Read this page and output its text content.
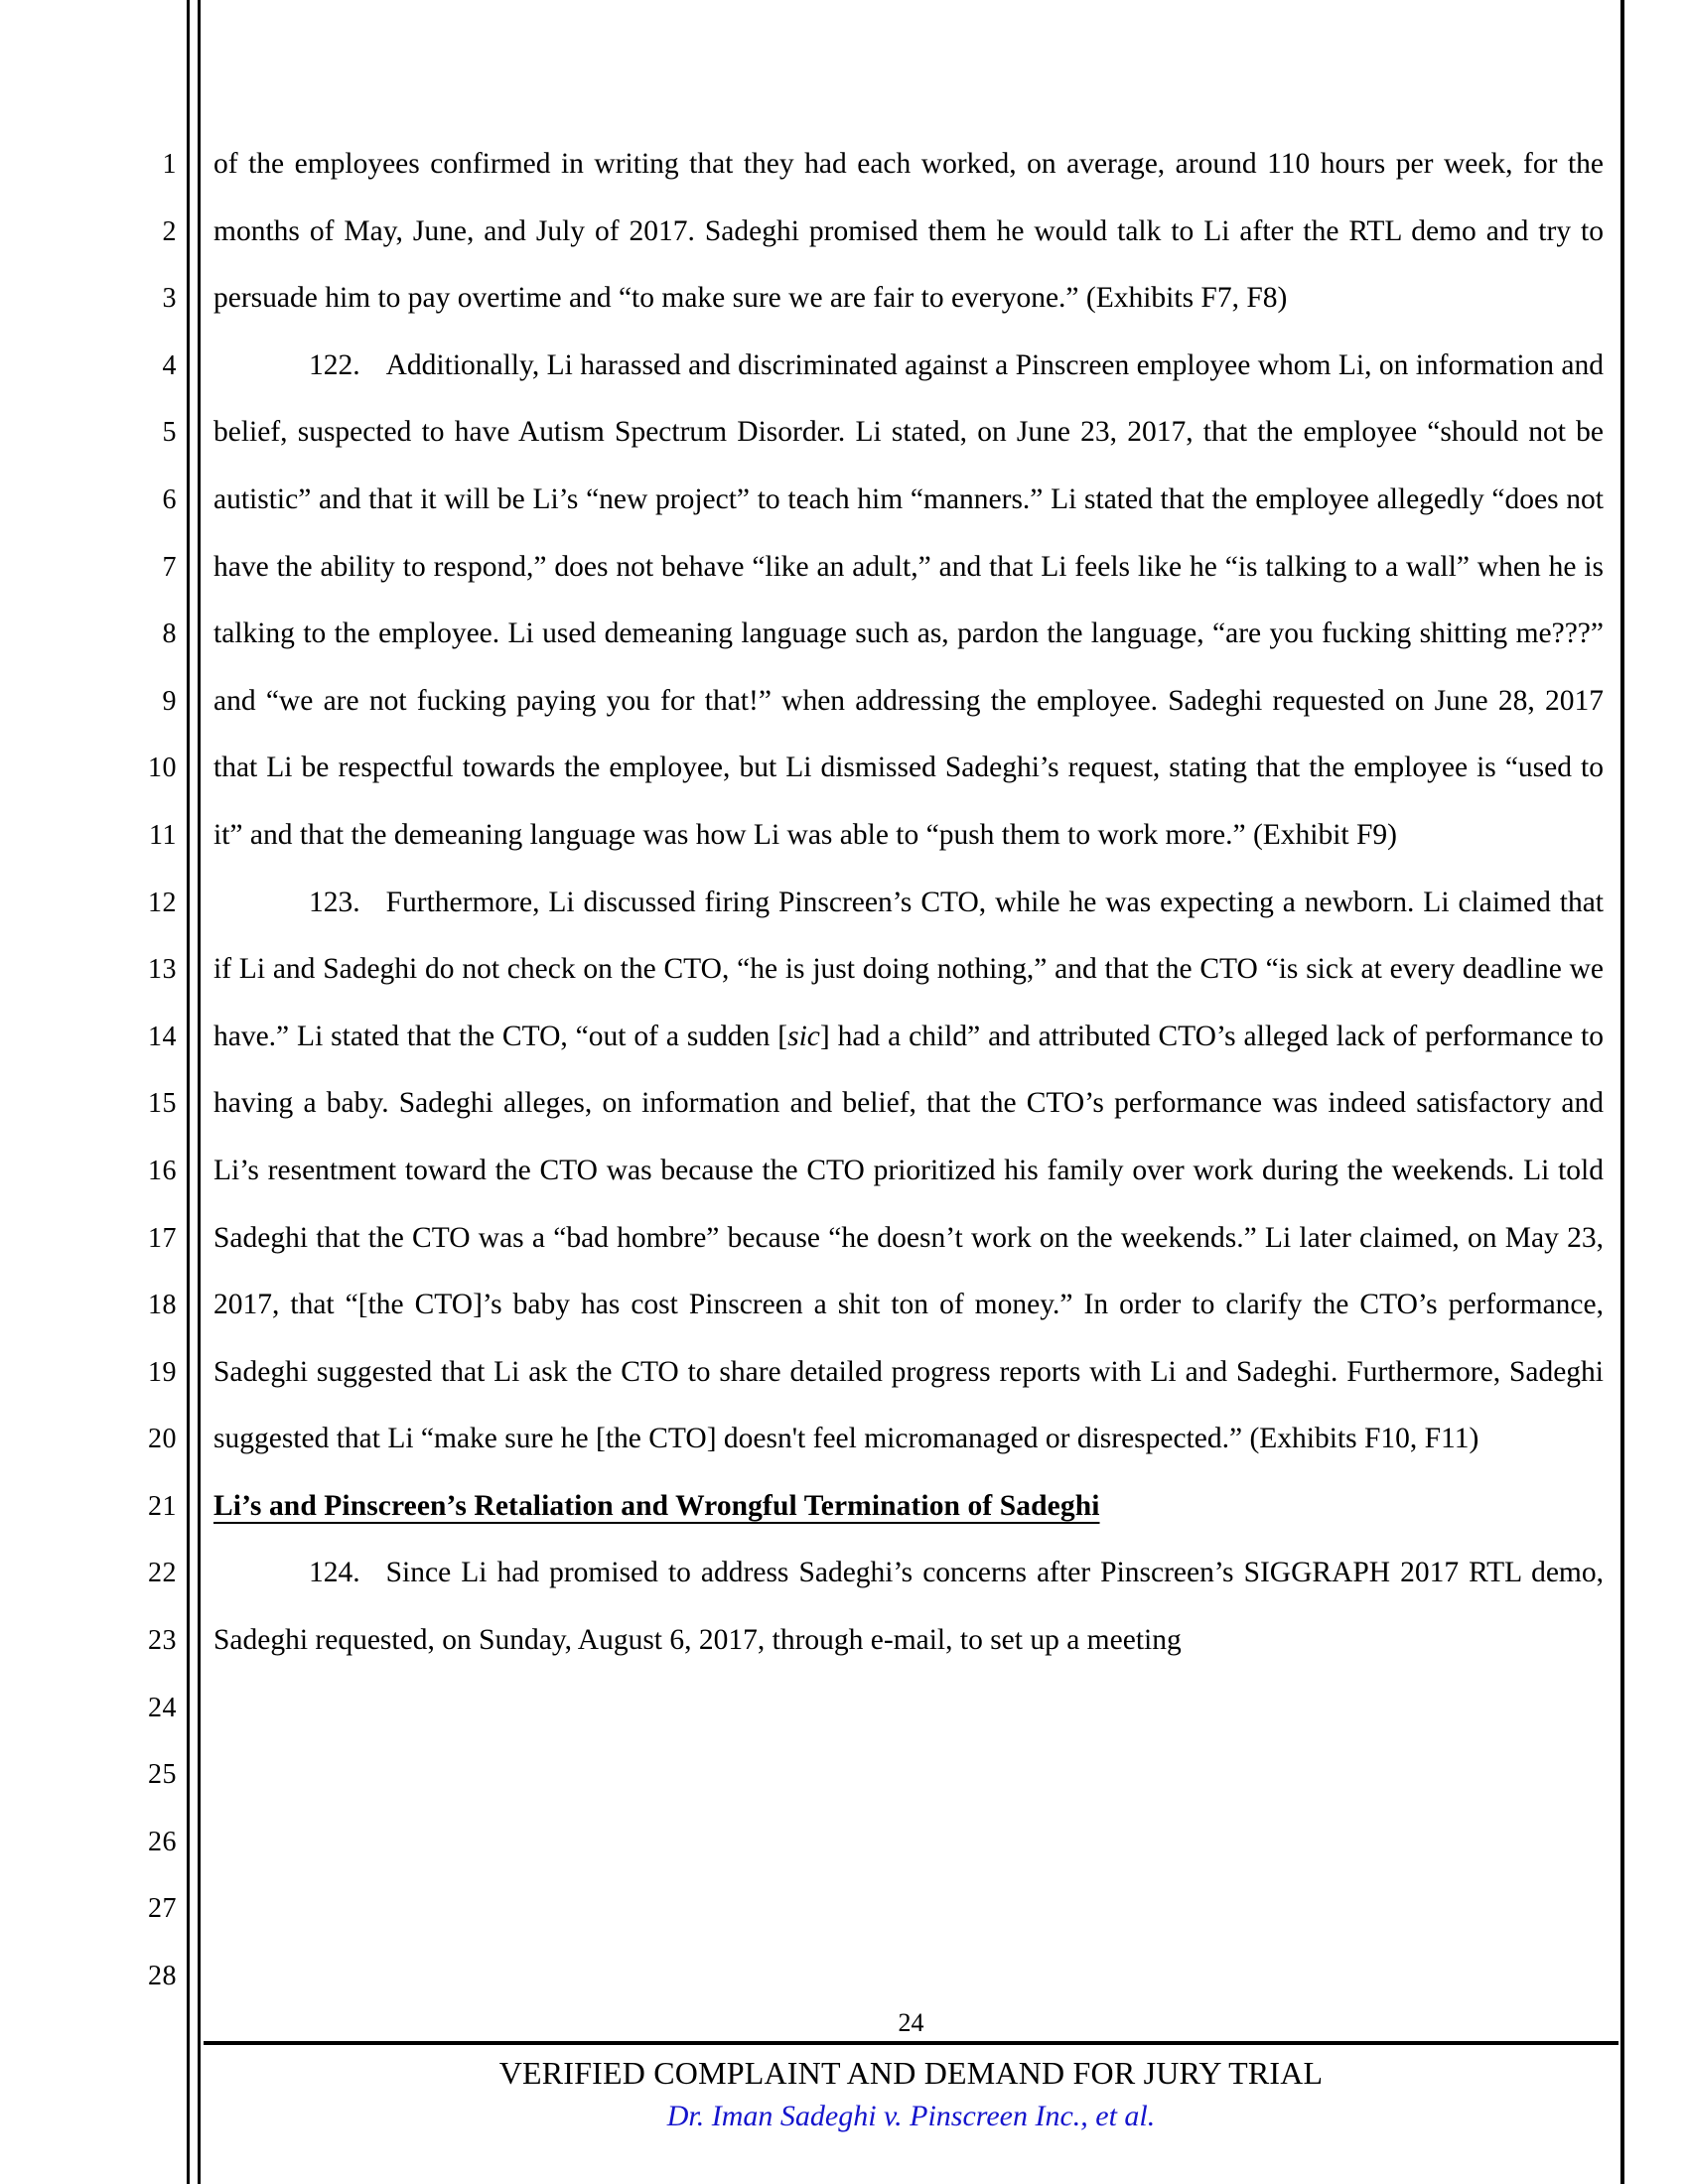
1
2
3
4
5
6
7
8
9
10
11
12
13
14
15
16
17
18
19
20
21
22
23
24
25
26
27
28

of the employees confirmed in writing that they had each worked, on average, around 110 hours per week, for the months of May, June, and July of 2017. Sadeghi promised them he would talk to Li after the RTL demo and try to persuade him to pay overtime and “to make sure we are fair to everyone.” (Exhibits F7, F8)

122. Additionally, Li harassed and discriminated against a Pinscreen employee whom Li, on information and belief, suspected to have Autism Spectrum Disorder. Li stated, on June 23, 2017, that the employee “should not be autistic” and that it will be Li’s “new project” to teach him “manners.” Li stated that the employee allegedly “does not have the ability to respond,” does not behave “like an adult,” and that Li feels like he “is talking to a wall” when he is talking to the employee. Li used demeaning language such as, pardon the language, “are you fucking shitting me???” and “we are not fucking paying you for that!” when addressing the employee. Sadeghi requested on June 28, 2017 that Li be respectful towards the employee, but Li dismissed Sadeghi’s request, stating that the employee is “used to it” and that the demeaning language was how Li was able to “push them to work more.” (Exhibit F9)

123. Furthermore, Li discussed firing Pinscreen’s CTO, while he was expecting a newborn. Li claimed that if Li and Sadeghi do not check on the CTO, “he is just doing nothing,” and that the CTO “is sick at every deadline we have.” Li stated that the CTO, “out of a sudden [sic] had a child” and attributed CTO’s alleged lack of performance to having a baby. Sadeghi alleges, on information and belief, that the CTO’s performance was indeed satisfactory and Li’s resentment toward the CTO was because the CTO prioritized his family over work during the weekends. Li told Sadeghi that the CTO was a “bad hombre” because “he doesn’t work on the weekends.” Li later claimed, on May 23, 2017, that “[the CTO]’s baby has cost Pinscreen a shit ton of money.” In order to clarify the CTO’s performance, Sadeghi suggested that Li ask the CTO to share detailed progress reports with Li and Sadeghi. Furthermore, Sadeghi suggested that Li “make sure he [the CTO] doesn't feel micromanaged or disrespected.” (Exhibits F10, F11)

Li’s and Pinscreen’s Retaliation and Wrongful Termination of Sadeghi

124. Since Li had promised to address Sadeghi’s concerns after Pinscreen’s SIGGRAPH 2017 RTL demo, Sadeghi requested, on Sunday, August 6, 2017, through e-mail, to set up a meeting

24
VERIFIED COMPLAINT AND DEMAND FOR JURY TRIAL
Dr. Iman Sadeghi v. Pinscreen Inc., et al.
